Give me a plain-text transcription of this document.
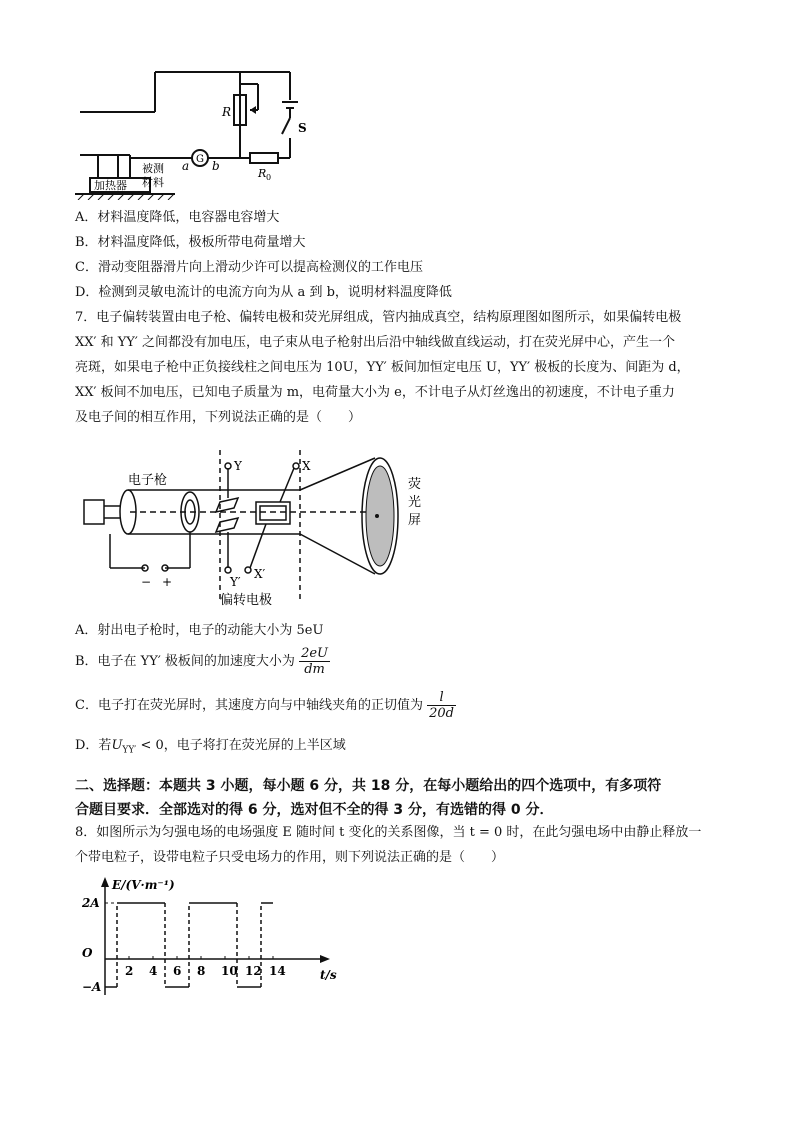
R
S
a G b
R 0
被测
材料
加热器
A．材料温度降低，电容器电容增大
B．材料温度降低，极板所带电荷量增大
C．滑动变阻器滑片向上滑动少许可以提高检测仪的工作电压
D．检测到灵敏电流计的电流方向为从 a 到 b，说明材料温度降低
7．电子偏转装置由电子枪、偏转电极和荧光屏组成，管内抽成真空，结构原理图如图所示，如果偏转电极
XX′ 和 YY′ 之间都没有加电压，电子束从电子枪射出后沿中轴线做直线运动，打在荧光屏中心，产生一个
亮斑，如果电子枪中正负接线柱之间电压为 10U，YY′ 板间加恒定电压 U，YY′ 极板的长度为、间距为 d，
XX′ 板间不加电压，已知电子质量为 m，电荷量大小为 e，不计电子从灯丝逸出的初速度，不计电子重力
及电子间的相互作用，下列说法正确的是（　　）
电子枪
Y	X
Y′
X′
− +
偏转电极
荧
光
屏
A．射出电子枪时，电子的动能大小为 5eU
B．电子在 YY′ 极板间的加速度大小为 $\frac{2eU}{dm}$
C．电子打在荧光屏时，其速度方向与中轴线夹角的正切值为 $\frac{l}{20d}$
D．若$U_{YY'} < 0$，电子将打在荧光屏的上半区域
二、选择题：本题共 3 小题，每小题 6 分，共 18 分，在每小题给出的四个选项中，有多项符
合题目要求．全部选对的得 6 分，选对但不全的得 3 分，有选错的得 0 分．
8．如图所示为匀强电场的电场强度 E 随时间 t 变化的关系图像，当 t = 0 时，在此匀强电场中由静止释放一
个带电粒子，设带电粒子只受电场力的作用，则下列说法正确的是（　　）
E/(V·m⁻¹)
t/s
2 4 6 8 10 12 14
2A
O
−A
